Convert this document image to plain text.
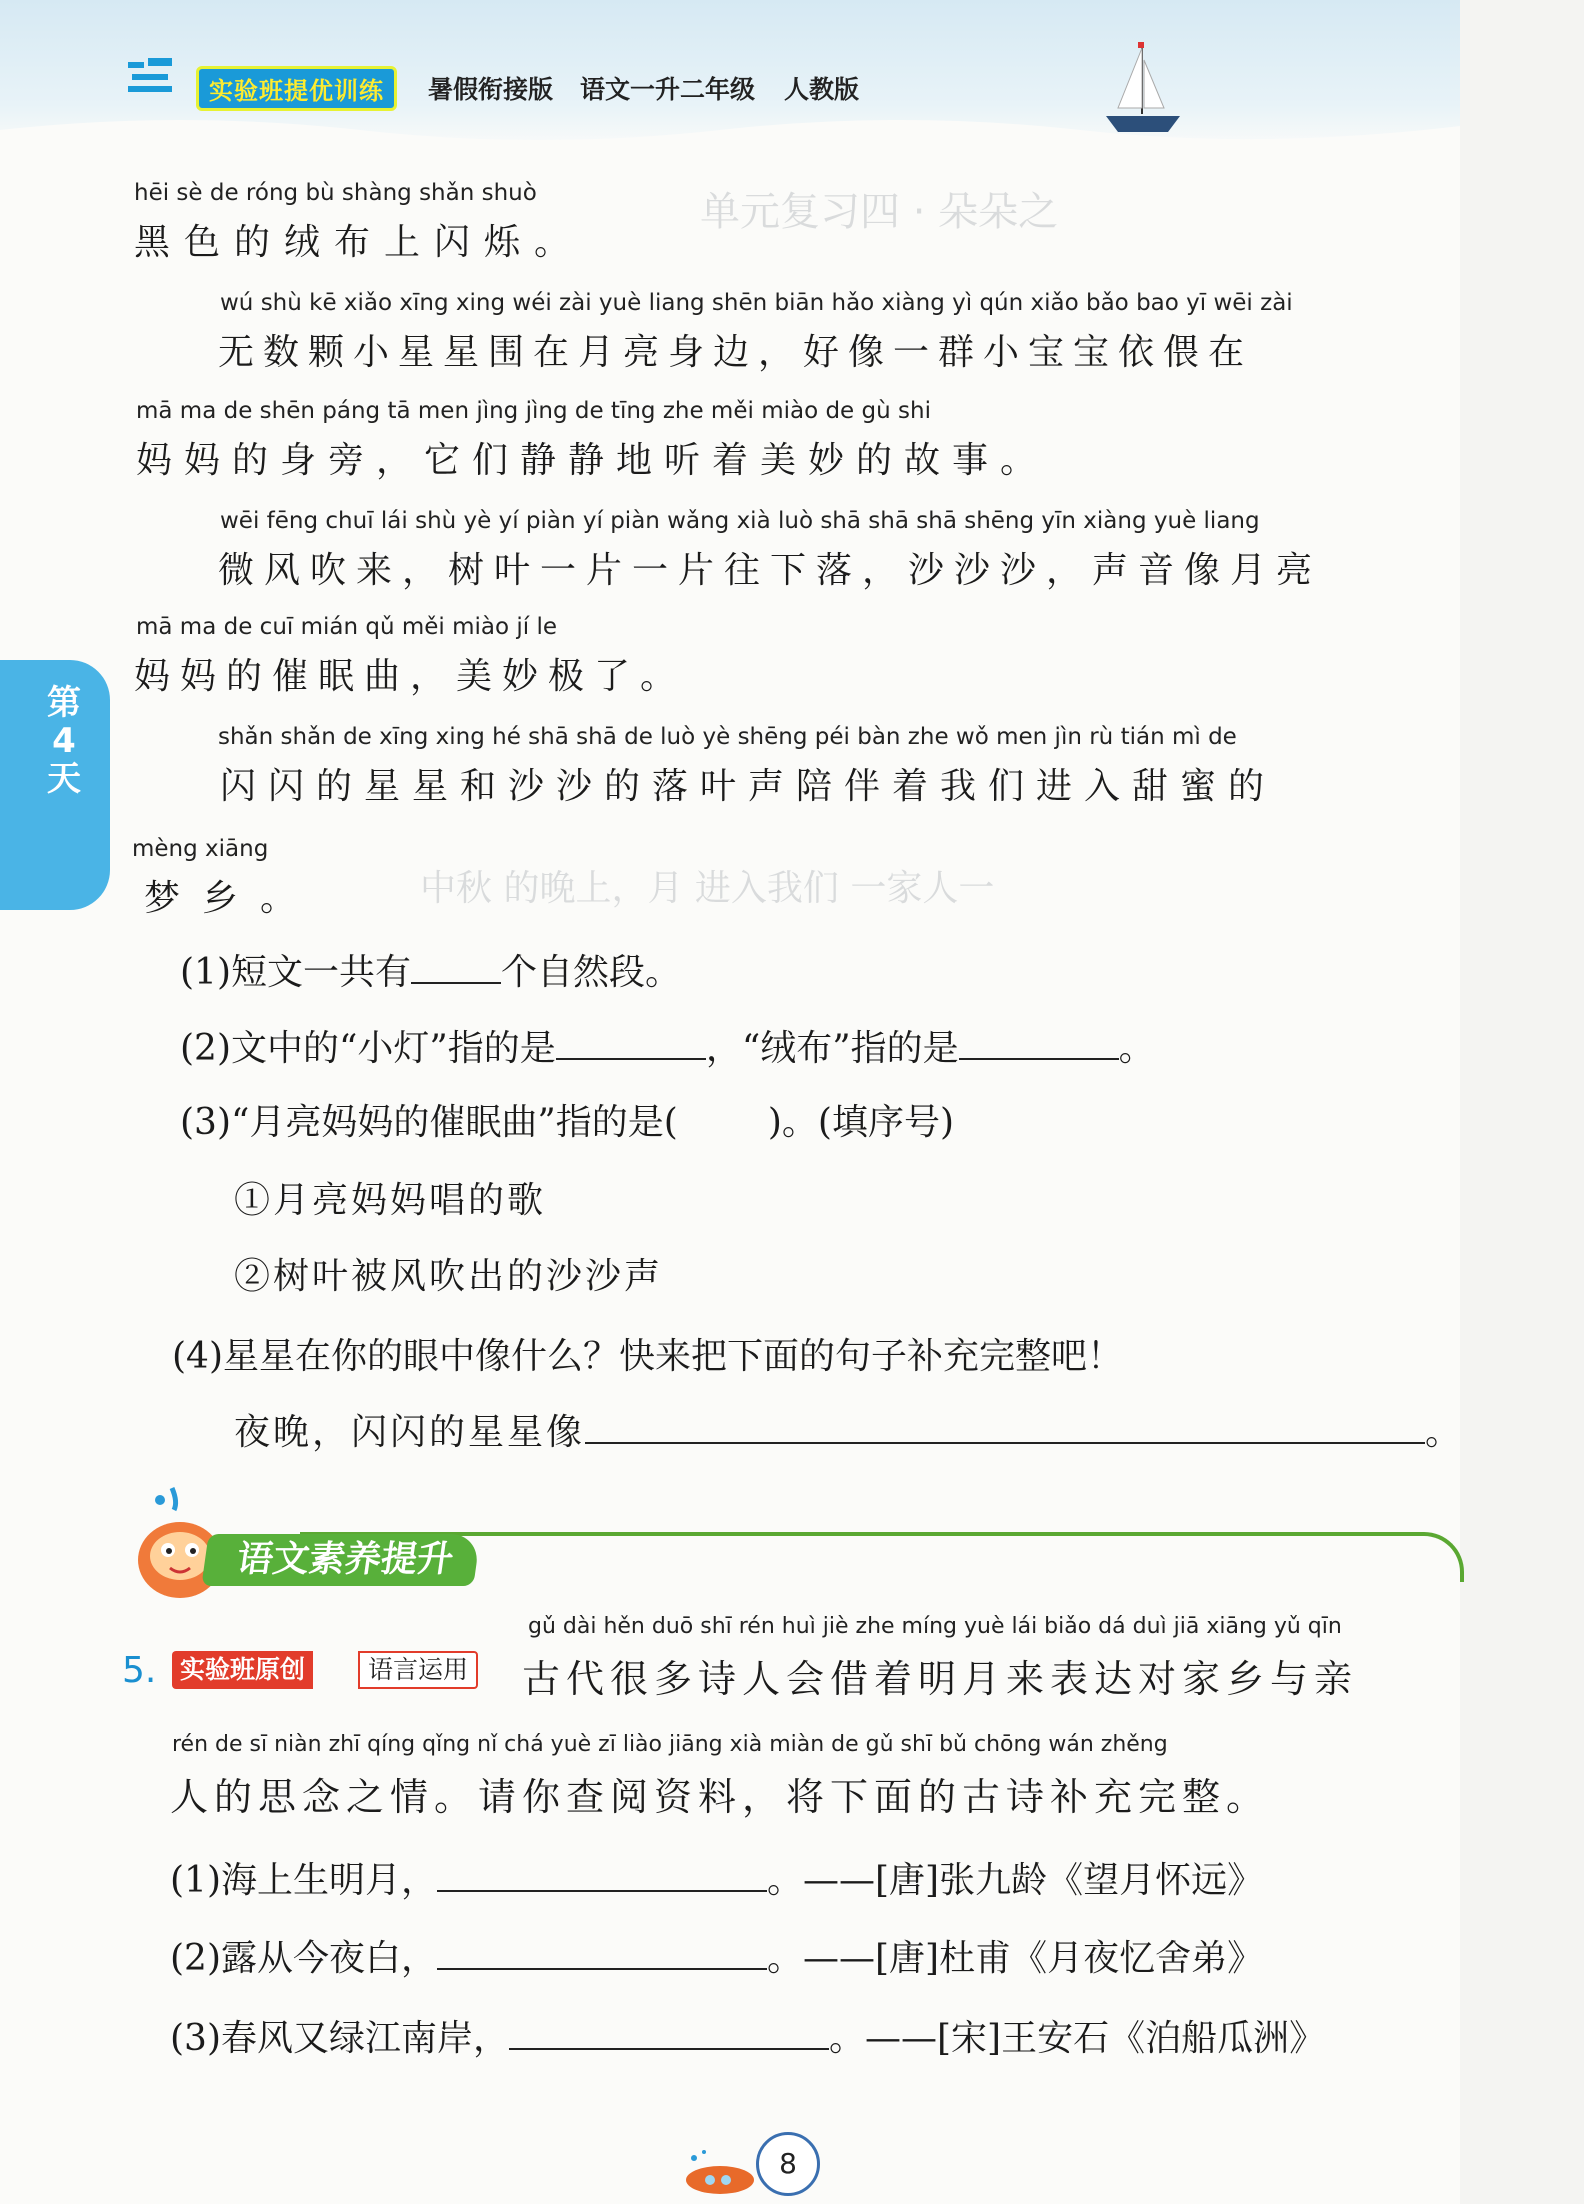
单元复习四 · 朵朵之
中秋 的晚上，月 进入我们 一家人一
实验班提优训练	暑假衔接版 语文一升二年级 人教版
第4天
hēi sè de róng bù shàng shǎn shuò
黑色的绒布上闪烁。
wú shù kē xiǎo xīng xing wéi zài yuè liang shēn biān hǎo xiàng yì qún xiǎo bǎo bao yī wēi zài
无数颗小星星围在月亮身边，好像一群小宝宝依偎在
mā ma de shēn páng tā men jìng jìng de tīng zhe měi miào de gù shi
妈妈的身旁，它们静静地听着美妙的故事。
wēi fēng chuī lái shù yè yí piàn yí piàn wǎng xià luò shā shā shā shēng yīn xiàng yuè liang
微风吹来，树叶一片一片往下落，沙沙沙，声音像月亮
mā ma de cuī mián qǔ měi miào jí le
妈妈的催眠曲，美妙极了。
shǎn shǎn de xīng xing hé shā shā de luò yè shēng péi bàn zhe wǒ men jìn rù tián mì de
闪闪的星星和沙沙的落叶声陪伴着我们进入甜蜜的
mèng xiāng
梦乡。
(1)短文一共有	个自然段。
(2)文中的“小灯”指的是	，“绒布”指的是	。
(3)“月亮妈妈的催眠曲”指的是(	)。(填序号)
①月亮妈妈唱的歌
②树叶被风吹出的沙沙声
(4)星星在你的眼中像什么？快来把下面的句子补充完整吧！
夜晚，闪闪的星星像	。
语文素养提升
5. 实验班原创	语言运用
gǔ dài hěn duō shī rén huì jiè zhe míng yuè lái biǎo dá duì jiā xiāng yǔ qīn
古代很多诗人会借着明月来表达对家乡与亲
rén de sī niàn zhī qíng qǐng nǐ chá yuè zī liào jiāng xià miàn de gǔ shī bǔ chōng wán zhěng
人的思念之情。请你查阅资料，将下面的古诗补充完整。
(1)海上生明月，	。——[唐]张九龄《望月怀远》
(2)露从今夜白，	。——[唐]杜甫《月夜忆舍弟》
(3)春风又绿江南岸，	。——[宋]王安石《泊船瓜洲》
8
